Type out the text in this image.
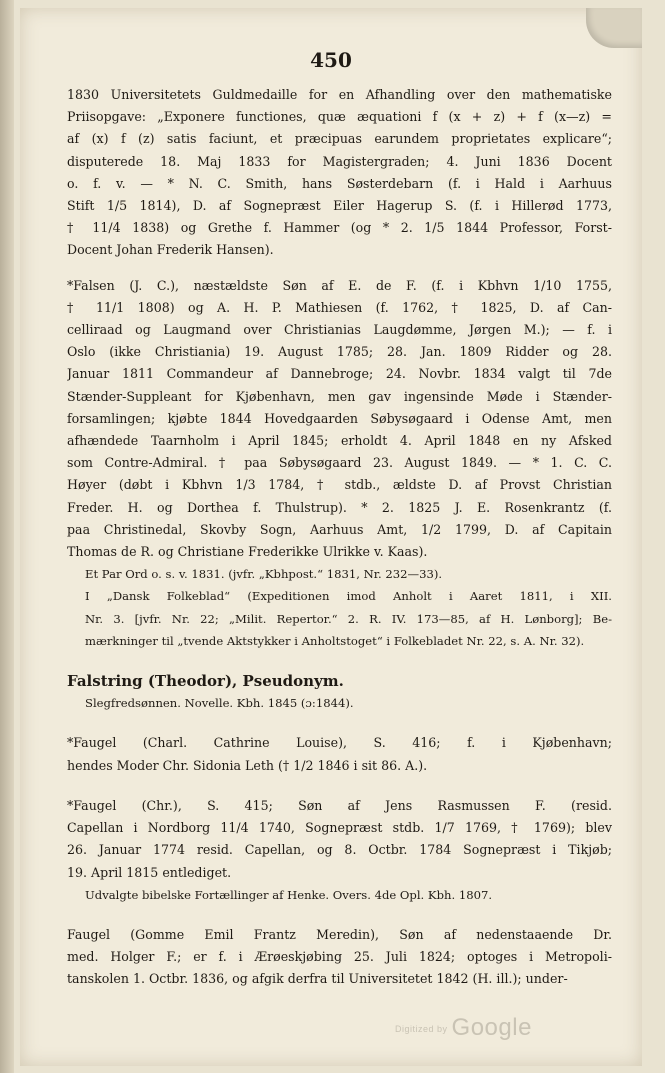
450
1830 Universitetets Guldmedaille for en Afhandling over den mathematiske
Priisopgave: „Exponere functiones, quæ æquationi f (x + z) + f (x—z) =
af (x) f (z) satis faciunt, et præcipuas earundem proprietates explicare“;
disputerede 18. Maj 1833 for Magistergraden; 4. Juni 1836 Docent
o. f. v. — * N. C. Smith, hans Søsterdebarn (f. i Hald i Aarhuus
Stift 1/5 1814), D. af Sognepræst Eiler Hagerup S. (f. i Hillerød 1773,
† 11/4 1838) og Grethe f. Hammer (og * 2. 1/5 1844 Professor, Forst-
Docent Johan Frederik Hansen).
*Falsen (J. C.), næstældste Søn af E. de F. (f. i Kbhvn 1/10 1755,
† 11/1 1808) og A. H. P. Mathiesen (f. 1762, † 1825, D. af Can-
celliraad og Laugmand over Christianias Laugdømme, Jørgen M.); — f. i
Oslo (ikke Christiania) 19. August 1785; 28. Jan. 1809 Ridder og 28.
Januar 1811 Commandeur af Dannebroge; 24. Novbr. 1834 valgt til 7de
Stænder-Suppleant for Kjøbenhavn, men gav ingensinde Møde i Stænder-
forsamlingen; kjøbte 1844 Hovedgaarden Søbysøgaard i Odense Amt, men
afhændede Taarnholm i April 1845; erholdt 4. April 1848 en ny Afsked
som Contre-Admiral. † paa Søbysøgaard 23. August 1849. — * 1. C. C.
Høyer (døbt i Kbhvn 1/3 1784, † stdb., ældste D. af Provst Christian
Freder. H. og Dorthea f. Thulstrup). * 2. 1825 J. E. Rosenkrantz (f.
paa Christinedal, Skovby Sogn, Aarhuus Amt, 1/2 1799, D. af Capitain
Thomas de R. og Christiane Frederikke Ulrikke v. Kaas).
Et Par Ord o. s. v. 1831. (jvfr. „Kbhpost.“ 1831, Nr. 232—33).
I „Dansk Folkeblad“ (Expeditionen imod Anholt i Aaret 1811, i XII.
Nr. 3. [jvfr. Nr. 22; „Milit. Repertor.“ 2. R. IV. 173—85, af H. Lønborg]; Be-
mærkninger til „tvende Aktstykker i Anholtstoget“ i Folkebladet Nr. 22, s. A. Nr. 32).
Falstring (Theodor), Pseudonym.
Slegfredsønnen. Novelle. Kbh. 1845 (ɔ:1844).
*Faugel (Charl. Cathrine Louise), S. 416; f. i Kjøbenhavn;
hendes Moder Chr. Sidonia Leth († 1/2 1846 i sit 86. A.).
*Faugel (Chr.), S. 415; Søn af Jens Rasmussen F. (resid.
Capellan i Nordborg 11/4 1740, Sognepræst stdb. 1/7 1769, † 1769); blev
26. Januar 1774 resid. Capellan, og 8. Octbr. 1784 Sognepræst i Tikjøb;
19. April 1815 entlediget.
Udvalgte bibelske Fortællinger af Henke. Overs. 4de Opl. Kbh. 1807.
Faugel (Gomme Emil Frantz Meredin), Søn af nedenstaaende Dr.
med. Holger F.; er f. i Ærøeskjøbing 25. Juli 1824; optoges i Metropoli-
tanskolen 1. Octbr. 1836, og afgik derfra til Universitetet 1842 (H. ill.); under-
Digitized by Google
